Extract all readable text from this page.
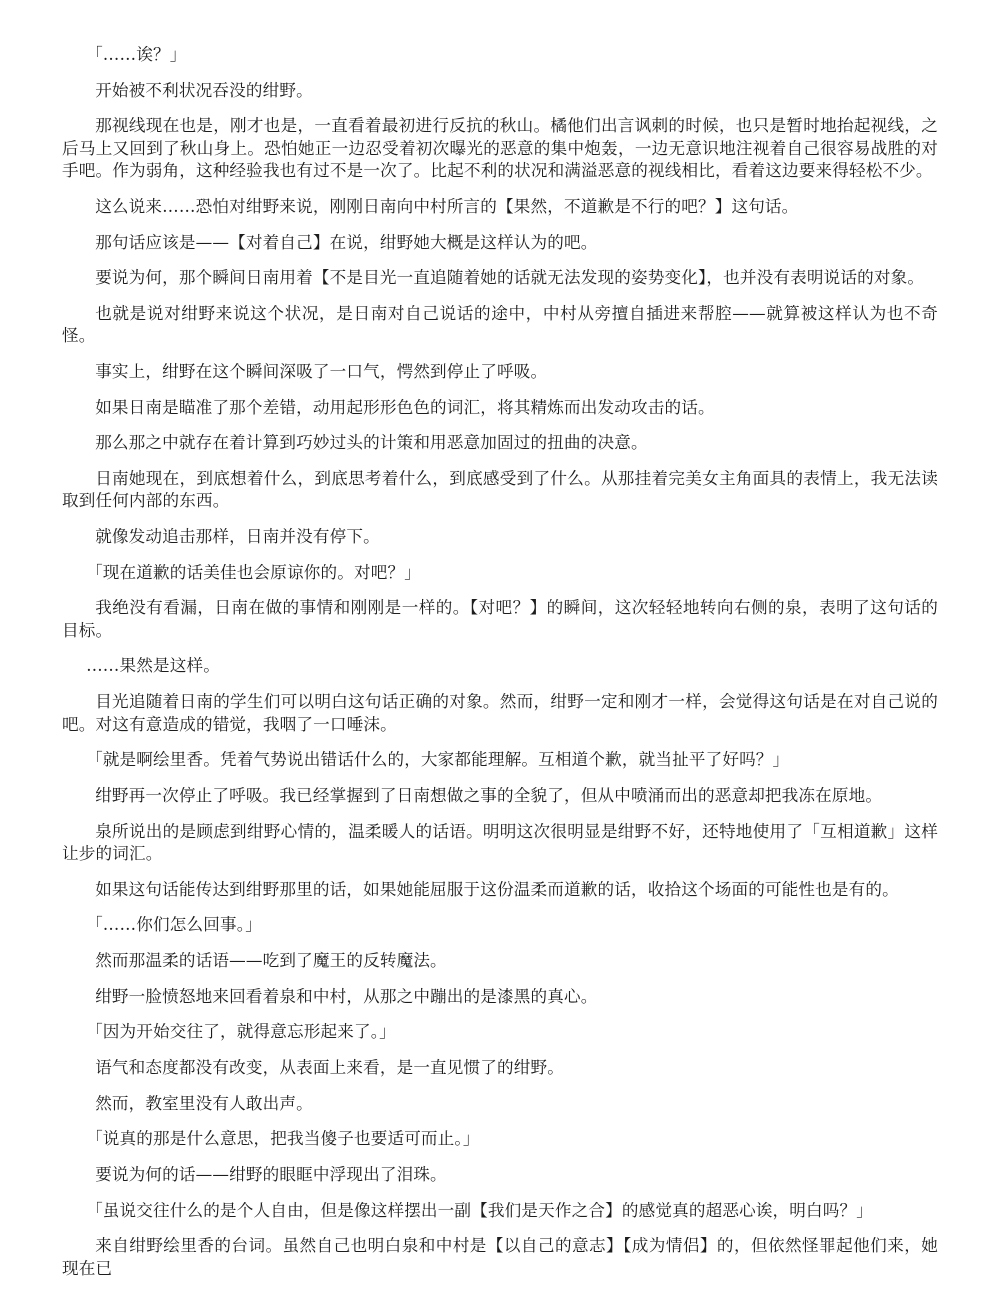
「……诶？」

开始被不利状况吞没的绀野。

那视线现在也是，刚才也是，一直看着最初进行反抗的秋山。橘他们出言讽刺的时候，也只是暂时地抬起视线，之后马上又回到了秋山身上。恐怕她正一边忍受着初次曝光的恶意的集中炮轰，一边无意识地注视着自己很容易战胜的对手吧。作为弱角，这种经验我也有过不是一次了。比起不利的状况和满溢恶意的视线相比，看着这边要来得轻松不少。

这么说来……恐怕对绀野来说，刚刚日南向中村所言的【果然，不道歉是不行的吧？】这句话。

那句话应该是——【对着自己】在说，绀野她大概是这样认为的吧。

要说为何，那个瞬间日南用着【不是目光一直追随着她的话就无法发现的姿势变化】，也并没有表明说话的对象。

也就是说对绀野来说这个状况，是日南对自己说话的途中，中村从旁擅自插进来帮腔——就算被这样认为也不奇怪。

事实上，绀野在这个瞬间深吸了一口气，愕然到停止了呼吸。

如果日南是瞄准了那个差错，动用起形形色色的词汇，将其精炼而出发动攻击的话。

那么那之中就存在着计算到巧妙过头的计策和用恶意加固过的扭曲的决意。

日南她现在，到底想着什么，到底思考着什么，到底感受到了什么。从那挂着完美女主角面具的表情上，我无法读取到任何内部的东西。

就像发动追击那样，日南并没有停下。

「现在道歉的话美佳也会原谅你的。对吧？」

我绝没有看漏，日南在做的事情和刚刚是一样的。【对吧？】的瞬间，这次轻轻地转向右侧的泉，表明了这句话的目标。

……果然是这样。

目光追随着日南的学生们可以明白这句话正确的对象。然而，绀野一定和刚才一样，会觉得这句话是在对自己说的吧。对这有意造成的错觉，我咽了一口唾沫。

「就是啊绘里香。凭着气势说出错话什么的，大家都能理解。互相道个歉，就当扯平了好吗？」

绀野再一次停止了呼吸。我已经掌握到了日南想做之事的全貌了，但从中喷涌而出的恶意却把我冻在原地。

泉所说出的是顾虑到绀野心情的，温柔暖人的话语。明明这次很明显是绀野不好，还特地使用了「互相道歉」这样让步的词汇。

如果这句话能传达到绀野那里的话，如果她能屈服于这份温柔而道歉的话，收拾这个场面的可能性也是有的。

「……你们怎么回事。」

然而那温柔的话语——吃到了魔王的反转魔法。

绀野一脸愤怒地来回看着泉和中村，从那之中蹦出的是漆黑的真心。

「因为开始交往了，就得意忘形起来了。」

语气和态度都没有改变，从表面上来看，是一直见惯了的绀野。

然而，教室里没有人敢出声。

「说真的那是什么意思，把我当傻子也要适可而止。」

要说为何的话——绀野的眼眶中浮现出了泪珠。

「虽说交往什么的是个人自由，但是像这样摆出一副【我们是天作之合】的感觉真的超恶心诶，明白吗？」

来自绀野绘里香的台词。虽然自己也明白泉和中村是【以自己的意志】【成为情侣】的，但依然怪罪起他们来，她现在已
